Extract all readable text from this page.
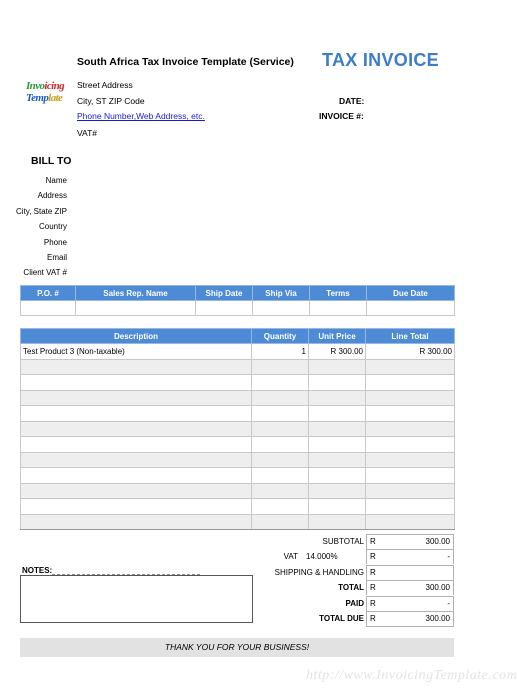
South Africa Tax Invoice Template (Service) TAX INVOICE
InvoicingTemplate
Street Address
City, ST ZIP Code
Phone Number,Web Address, etc.
VAT#
DATE:
INVOICE #:
BILL TO
Name
Address
City, State ZIP
Country
Phone
Email
Client VAT #
P.O. #	Sales Rep. Name	Ship Date	Ship Via	Terms	Due Date

Description	Quantity	Unit Price	Line Total
Test Product 3 (Non-taxable)	1	R 300.00	R 300.00

SUBTOTAL R	300.00
VAT 14.000%	R	-
SHIPPING & HANDLING R
TOTAL R	300.00
PAID R	-
TOTAL DUE R	300.00
NOTES:
THANK YOU FOR YOUR BUSINESS!
http://www.InvoicingTemplate.com
